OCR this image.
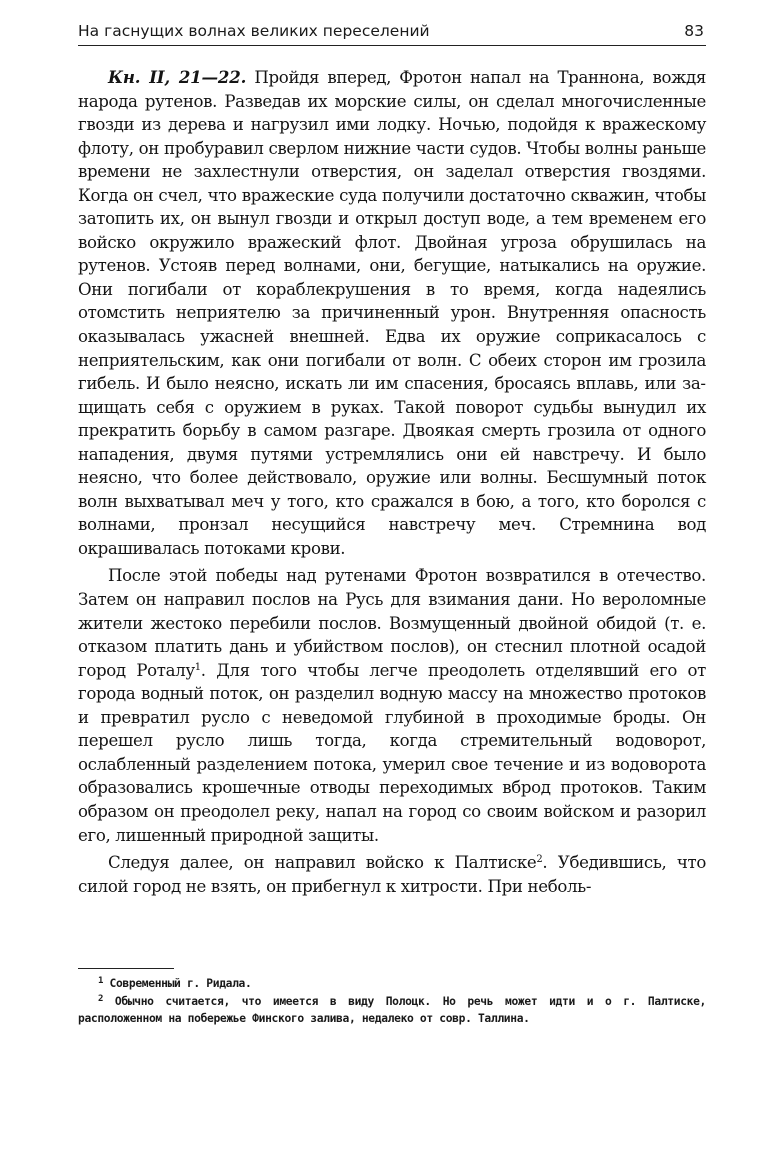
На гаснущих волнах великих переселений	83

Кн. II, 21—22. Пройдя вперед, Фротон напал на Траннона, вождя народа рутенов. Разведав их морские силы, он сделал многочисленные гвозди из дерева и нагрузил ими лодку. Ночью, подойдя к вражескому флоту, он пробуравил сверлом нижние части судов. Чтобы волны раньше времени не захлестнули отверстия, он заделал отверстия гвоздями. Когда он счел, что вражеские суда получили достаточно скважин, чтобы затопить их, он вынул гвозди и открыл доступ воде, а тем временем его войско окружило вражеский флот. Двойная угроза обрушилась на рутенов. Устояв перед волнами, они, бегущие, натыкались на оружие. Они погибали от кораблекрушения в то время, когда надеялись отомстить неприятелю за причиненный урон. Внутренняя опасность оказывалась ужасней внешней. Едва их оружие соприкасалось с неприятельским, как они погибали от волн. С обеих сторон им грозила гибель. И было неясно, искать ли им спасения, бросаясь вплавь, или защищать себя с оружием в руках. Такой поворот судьбы вынудил их прекратить борьбу в самом разгаре. Двоякая смерть грозила от одного нападения, двумя путями устремлялись они ей навстречу. И было неясно, что более действовало, оружие или волны. Бесшумный поток волн выхватывал меч у того, кто сражался в бою, а того, кто боролся с волнами, пронзал несущийся навстречу меч. Стремнина вод окрашивалась потоками крови.

После этой победы над рутенами Фротон возвратился в отечество. Затем он направил послов на Русь для взимания дани. Но вероломные жители жестоко перебили послов. Возмущенный двойной обидой (т. е. отказом платить дань и убийством послов), он стеснил плотной осадой город Роталу$^1$. Для того чтобы легче преодолеть отделявший его от города водный поток, он разделил водную массу на множество протоков и превратил русло с неведомой глубиной в проходимые броды. Он перешел русло лишь тогда, когда стремительный водоворот, ослабленный разделением потока, умерил свое течение и из водоворота образовались крошечные отводы переходимых вброд протоков. Таким образом он преодолел реку, напал на город со своим войском и разорил его, лишенный природной защиты.

Следуя далее, он направил войско к Палтиске$^2$. Убедившись, что силой город не взять, он прибегнул к хитрости. При неболь-

$^1$ Современный г. Ридала.

$^2$ Обычно считается, что имеется в виду Полоцк. Но речь может идти и о г. Палтиске, расположенном на побережье Финского залива, недалеко от совр. Таллина.
